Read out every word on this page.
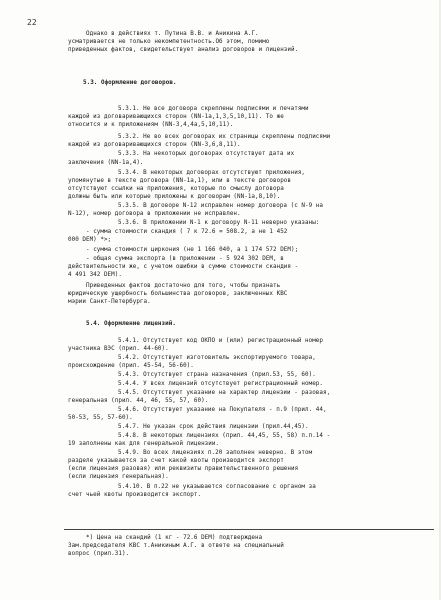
22
Однако в действиях т. Путина В.В. и Аникина А.Г.
усматривается не только некомпетентность.Об этом, помимо
приведенных фактов, свидетельствует анализ договоров и лицензий.
5.3. Оформление договоров.
5.3.1. Не все договора скреплены подписями и печатями
каждой из договаривающихся сторон (NN-1а,1,3,5,10,11). То же
относится и к приложениям (NN-3,4,4а,5,10,11).
5.3.2. Не во всех договорах их страницы скреплены подписями
каждой из договаривающихся сторон (NN-3,6,8,11).
5.3.3. На некоторых договорах отсутствует дата их
заключения (NN-1а,4).
5.3.4. В некоторых договорах отсутствуют приложения,
упомянутые в тексте договора (NN-1а,1), или в тексте договоров
отсутствуют ссылки на приложения, которые по смыслу договора
должны быть или которые приложены к договорам (NN-1а,8,10).
5.3.5. В договоре N-12 исправлен номер договора (с N-9 на
N-12), номер договора в приложении не исправлен.
5.3.6. В приложении N-1 к договору N-11 неверно указаны:
- сумма стоимости скандия ( 7 к 72.6 = 508.2, а не 1 452
000 DEM) *>;
- сумма стоимости циркония (не 1 166 040, а 1 174 572 DEM);
- общая сумма экспорта (в приложении - 5 924 302 DEM, в
действительности же, с учетом ошибки в сумме стоимости скандия -
4 491 342 DEM).
Приведенных фактов достаточно для того, чтобы признать
юридическую ущербность большинства договоров, заключенных КВС
мэрии Санкт-Петербурга.
5.4. Оформление лицензий.
5.4.1. Отсутствует код ОКПО и (или) регистрационный номер
участника ВЭС (прил. 44-60).
5.4.2. Отсутствует изготовитель экспортируемого товара,
происхождение (прил. 45-54, 56-60).
5.4.3. Отсутствует страна назначения (прил.53, 55, 60).
5.4.4. У всех лицензий отсутствует регистрационный номер.
5.4.5. Отсутствует указание на характер лицензии - разовая,
генеральная (прил. 44, 46, 55, 57, 60).
5.4.6. Отсутствует указание на Покупателя - п.9 (прил. 44,
50-53, 55, 57-60).
5.4.7. Не указан срок действия лицензии (прил.44,45).
5.4.8. В некоторых лицензиях (прил. 44,45, 55, 58) п.п.14 -
19 заполнены как для генеральной лицензии.
5.4.9. Во всех лицензиях п.20 заполнен неверно. В этом
разделе указывается за счет какой квоты производится экспорт
(если лицензия разовая) или реквизиты правительственного решения
(если лицензия генеральная).
5.4.10. В п.22 не указывается согласование с органом за
счет чьей квоты производится экспорт.
*) Цена на скандий (1 кг - 72.6 DEM) подтверждена
Зам.председателя КВС т.Аникиным А.Г. в ответе на специальный
вопрос (прил.31).
